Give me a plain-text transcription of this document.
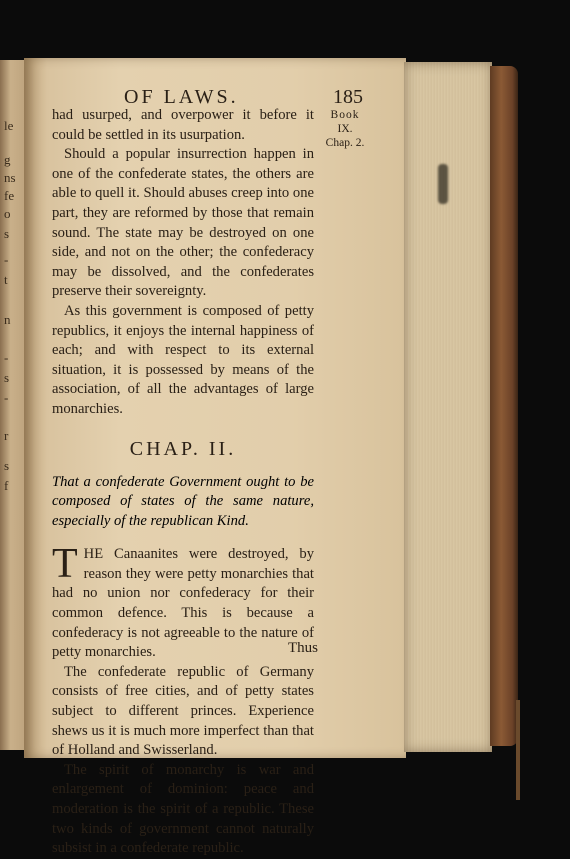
le
g
ns
fe
o
s
-
t
n
-
s
-
r
s
f
OF LAWS.	185
Book
IX.
Chap. 2.

had usurped, and overpower it before it could be settled in its usurpation.

Should a popular insurrection happen in one of the confederate states, the others are able to quell it. Should abuses creep into one part, they are reformed by those that remain sound. The state may be destroyed on one side, and not on the other; the confederacy may be dissolved, and the confederates preserve their sovereignty.

As this government is composed of petty republics, it enjoys the internal happiness of each; and with respect to its external situation, it is possessed by means of the association, of all the advantages of large monarchies.

CHAP. II.
That a confederate Government ought to be composed of states of the same nature, especially of the republican Kind.

T HE Canaanites were destroyed, by reason they were petty monarchies that had no union nor confederacy for their common defence. This is because a confederacy is not agreeable to the nature of petty monarchies.

The confederate republic of Germany consists of free cities, and of petty states subject to different princes. Experience shews us it is much more imperfect than that of Holland and Swisserland.

The spirit of monarchy is war and enlargement of dominion: peace and moderation is the spirit of a republic. These two kinds of government cannot naturally subsist in a confederate republic.

Thus
